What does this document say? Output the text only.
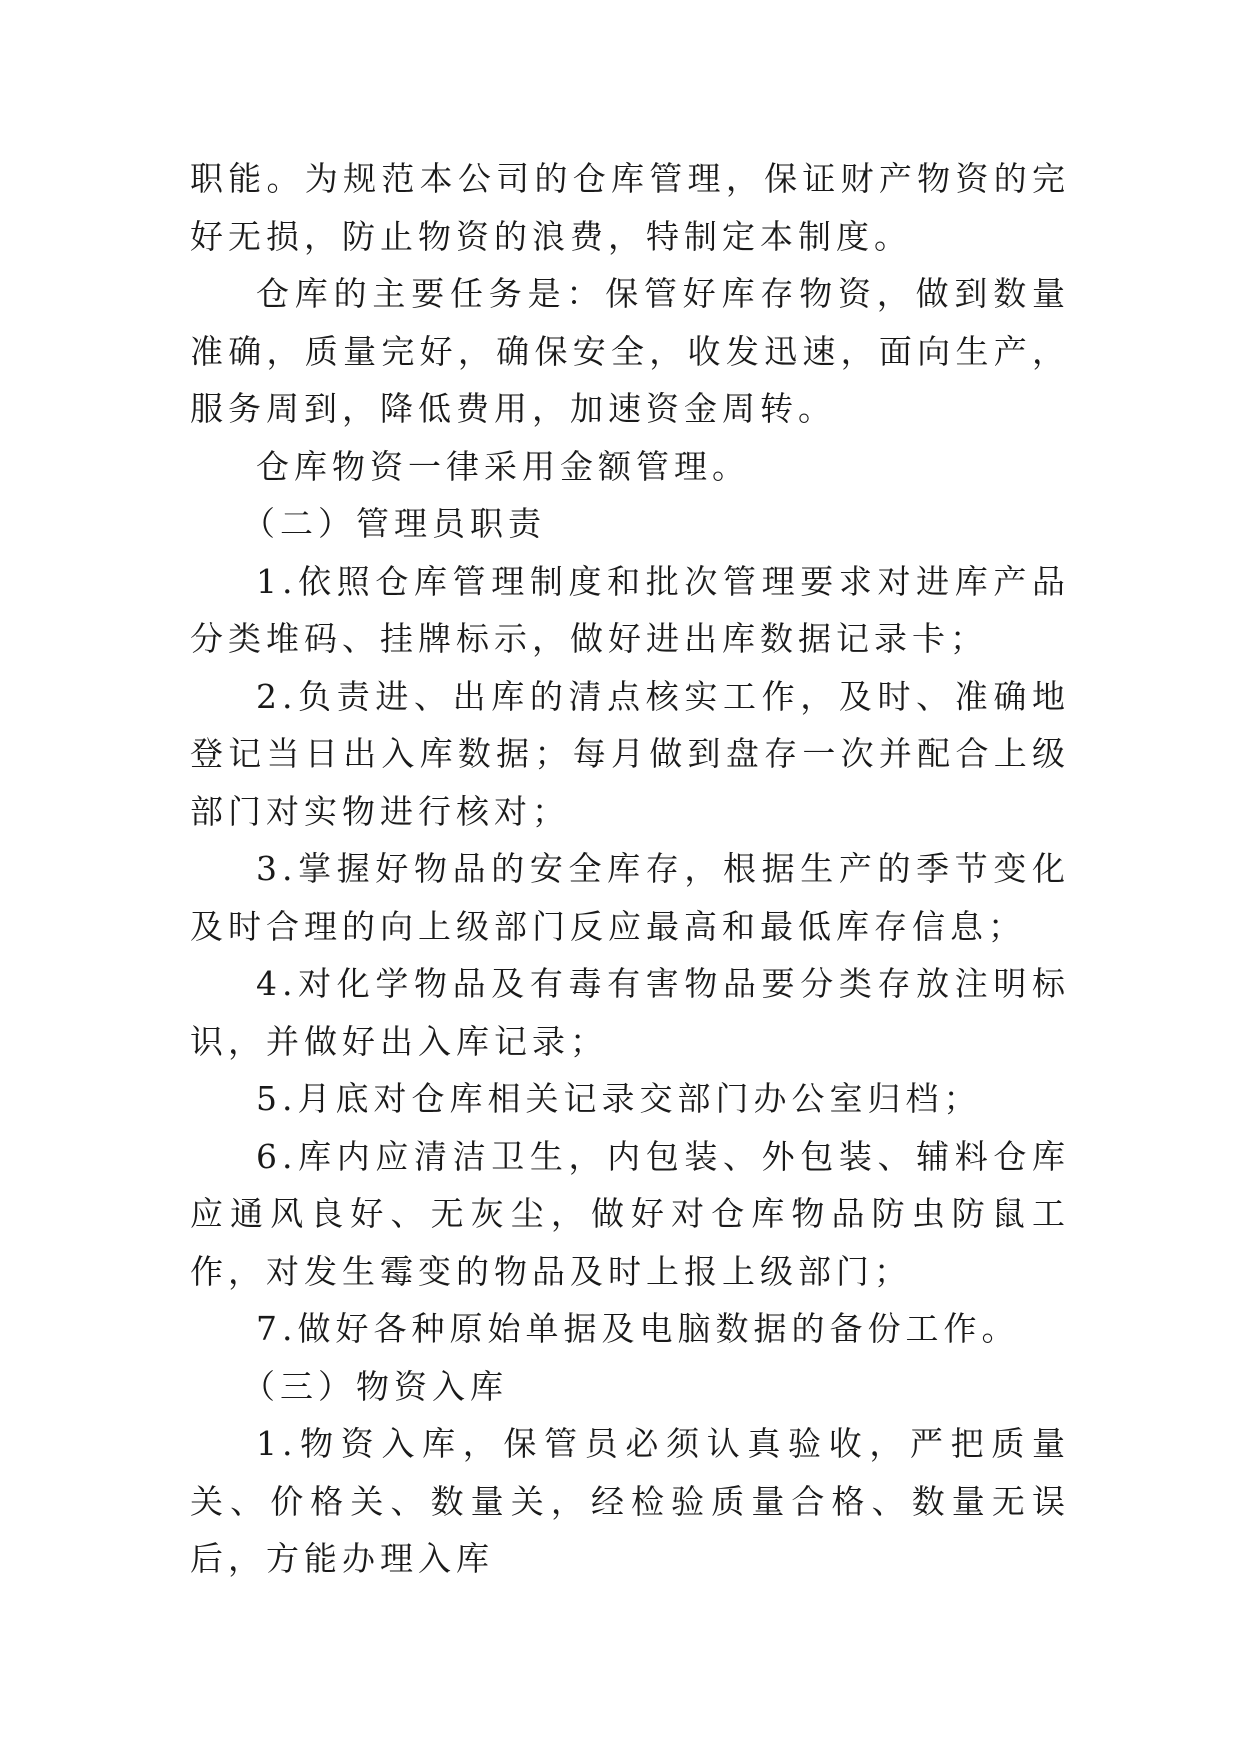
职能。为规范本公司的仓库管理，保证财产物资的完好无损，防止物资的浪费，特制定本制度。

仓库的主要任务是：保管好库存物资，做到数量准确，质量完好，确保安全，收发迅速，面向生产，服务周到，降低费用，加速资金周转。

仓库物资一律采用金额管理。

（二）管理员职责

1.依照仓库管理制度和批次管理要求对进库产品分类堆码、挂牌标示，做好进出库数据记录卡；

2.负责进、出库的清点核实工作，及时、准确地登记当日出入库数据；每月做到盘存一次并配合上级部门对实物进行核对；

3.掌握好物品的安全库存，根据生产的季节变化及时合理的向上级部门反应最高和最低库存信息；

4.对化学物品及有毒有害物品要分类存放注明标识，并做好出入库记录；

5.月底对仓库相关记录交部门办公室归档；

6.库内应清洁卫生，内包装、外包装、辅料仓库应通风良好、无灰尘，做好对仓库物品防虫防鼠工作，对发生霉变的物品及时上报上级部门；

7.做好各种原始单据及电脑数据的备份工作。

（三）物资入库

1.物资入库，保管员必须认真验收，严把质量关、价格关、数量关，经检验质量合格、数量无误后，方能办理入库
